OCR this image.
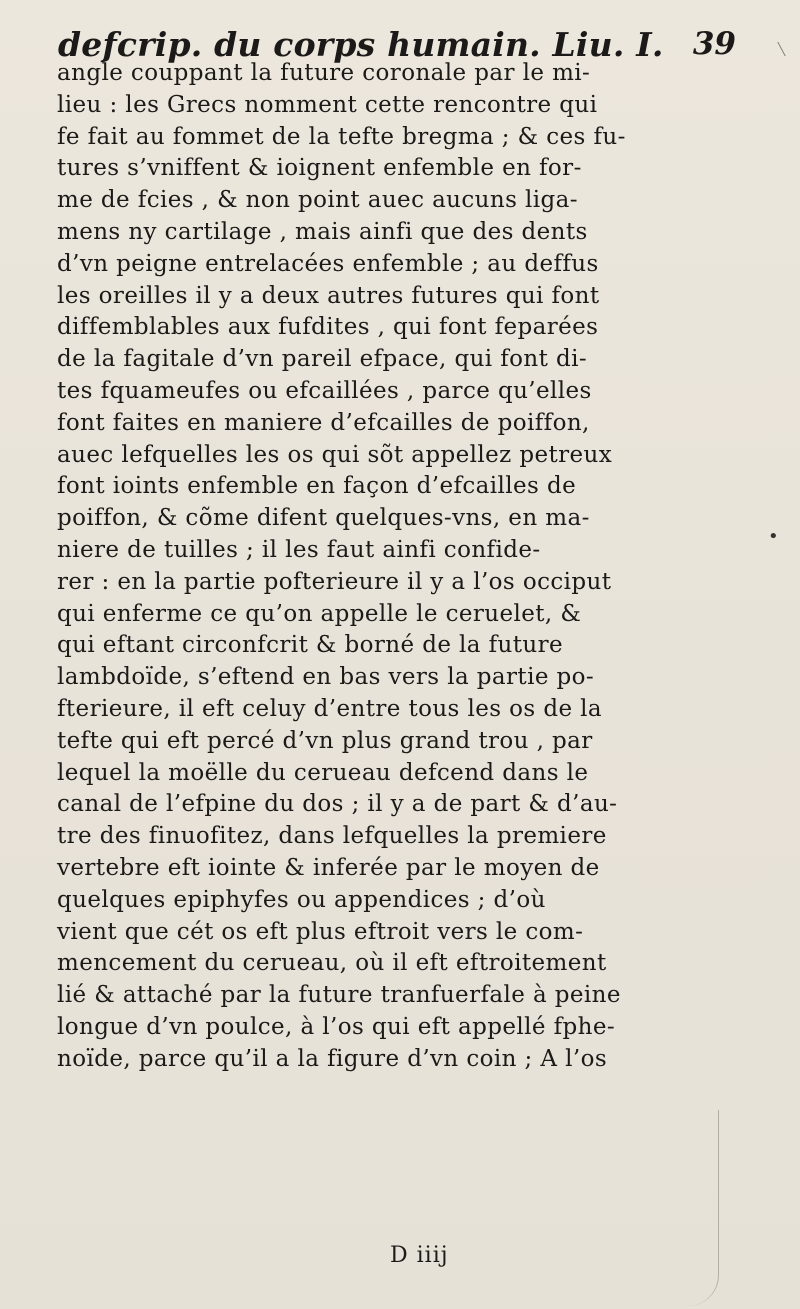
•
defcrip. du corps humain. Liu. I. 39
angle couppant la future coronale par le mi-
lieu : les Grecs nomment cette rencontre qui
fe fait au fommet de la tefte bregma ; & ces fu-
tures s’vniffent & ioignent enfemble en for-
me de fcies , & non point auec aucuns liga-
mens ny cartilage , mais ainfi que des dents
d’vn peigne entrelacées enfemble ; au deffus
les oreilles il y a deux autres futures qui font
diffemblables aux fufdites , qui font feparées
de la fagitale d’vn pareil efpace, qui font di-
tes fquameufes ou efcaillées , parce qu’elles
font faites en maniere d’efcailles de poiffon,
auec lefquelles les os qui sõt appellez petreux
font ioints enfemble en façon d’efcailles de
poiffon, & cõme difent quelques-vns, en ma-
niere de tuilles ; il les faut ainfi confide-
rer : en la partie pofterieure il y a l’os occiput
qui enferme ce qu’on appelle le ceruelet, &
qui eftant circonfcrit & borné de la future
lambdoïde, s’eftend en bas vers la partie po-
fterieure, il eft celuy d’entre tous les os de la
tefte qui eft percé d’vn plus grand trou , par
lequel la moëlle du cerueau defcend dans le
canal de l’efpine du dos ; il y a de part & d’au-
tre des finuofitez, dans lefquelles la premiere
vertebre eft iointe & inferée par le moyen de
quelques epiphyfes ou appendices ; d’où
vient que cét os eft plus eftroit vers le com-
mencement du cerueau, où il eft eftroitement
lié & attaché par la future tranfuerfale à peine
longue d’vn poulce, à l’os qui eft appellé fphe-
noïde, parce qu’il a la figure d’vn coin ; A l’os
D iiij
